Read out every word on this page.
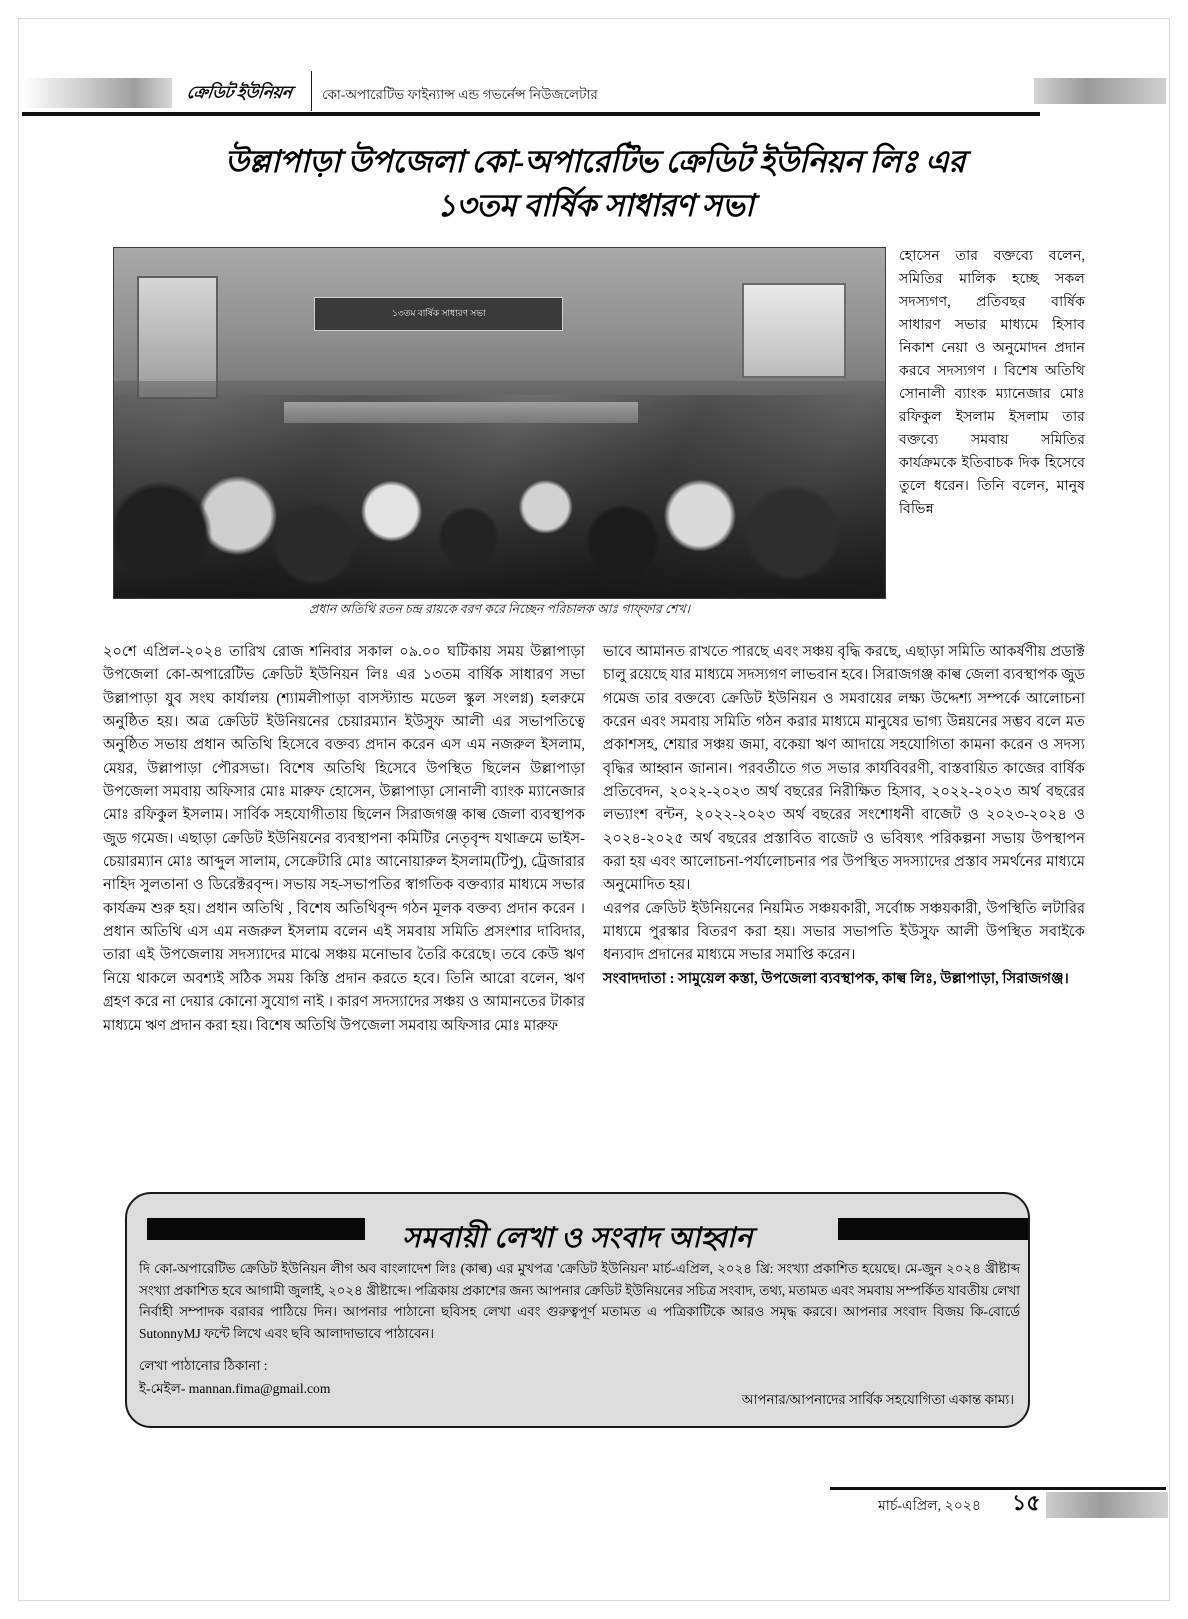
ক্রেডিট ইউনিয়ন	কো-অপারেটিভ ফাইন্যান্স এন্ড গভর্নেন্স নিউজলেটার
উল্লাপাড়া উপজেলা কো-অপারেটিভ ক্রেডিট ইউনিয়ন লিঃ এর
১৩তম বার্ষিক সাধারণ সভা
১৩তম বার্ষিক সাধারণ সভা
প্রধান অতিথি রতন চন্দ্র রায়কে বরণ করে নিচ্ছেন পরিচালক আঃ গাফ্‌ফার শেখ।

হোসেন তার বক্তব্যে বলেন, সমিতির মালিক হচ্ছে সকল সদস্যগণ, প্রতিবছর বার্ষিক সাধারণ সভার মাধ্যমে হিসাব নিকাশ নেয়া ও অনুমোদন প্রদান করবে সদস্যগণ । বিশেষ অতিথি সোনালী ব্যাংক ম্যানেজার মোঃ রফিকুল ইসলাম ইসলাম তার বক্তব্যে সমবায় সমিতির কার্যক্রমকে ইতিবাচক দিক হিসেবে তুলে ধরেন। তিনি বলেন, মানুষ বিভিন্ন

২০শে এপ্রিল-২০২৪ তারিখ রোজ শনিবার সকাল ০৯.০০ ঘটিকায় সময় উল্লাপাড়া উপজেলা কো-অপারেটিভ ক্রেডিট ইউনিয়ন লিঃ এর ১৩তম বার্ষিক সাধারণ সভা উল্লাপাড়া যুব সংঘ কার্যালয় (শ্যামলীপাড়া বাসস্ট্যান্ড মডেল স্কুল সংলগ্ন) হলরুমে অনুষ্ঠিত হয়। অত্র ক্রেডিট ইউনিয়নের চেয়ারম্যান ইউসুফ আলী এর সভাপতিত্বে অনুষ্ঠিত সভায় প্রধান অতিথি হিসেবে বক্তব্য প্রদান করেন এস এম নজরুল ইসলাম, মেয়র, উল্লাপাড়া পৌরসভা। বিশেষ অতিথি হিসেবে উপস্থিত ছিলেন উল্লাপাড়া উপজেলা সমবায় অফিসার মোঃ মারুফ হোসেন, উল্লাপাড়া সোনালী ব্যাংক ম্যানেজার মোঃ রফিকুল ইসলাম। সার্বিক সহযোগীতায় ছিলেন সিরাজগঞ্জ কাল্ব জেলা ব্যবস্থাপক জুড গমেজ। এছাড়া ক্রেডিট ইউনিয়নের ব্যবস্থাপনা কমিটির নেতৃবৃন্দ যথাক্রমে ভাইস-চেয়ারম্যান মোঃ আব্দুল সালাম, সেক্রেটারি মোঃ আনোয়ারুল ইসলাম(টিপু), ট্রেজারার নাহিদ সুলতানা ও ডিরেক্টরবৃন্দ। সভায় সহ-সভাপতির স্বাগতিক বক্তব্যার মাধ্যমে সভার কার্যক্রম শুরু হয়। প্রধান অতিথি , বিশেষ অতিথিবৃন্দ গঠন মূলক বক্তব্য প্রদান করেন । প্রধান অতিথি এস এম নজরুল ইসলাম বলেন এই সমবায় সমিতি প্রসংশার দাবিদার, তারা এই উপজেলায় সদস্যাদের মাঝে সঞ্চয় মনোভাব তৈরি করেছে। তবে কেউ ঋণ নিয়ে থাকলে অবশ্যই সঠিক সময় কিস্তি প্রদান করতে হবে। তিনি আরো বলেন, ঋণ গ্রহণ করে না দেয়ার কোনো সুযোগ নাই । কারণ সদস্যাদের সঞ্চয় ও আমানতের টাকার মাধ্যমে ঋণ প্রদান করা হয়। বিশেষ অতিথি উপজেলা সমবায় অফিসার মোঃ মারুফ

ভাবে আমানত রাখতে পারছে এবং সঞ্চয় বৃদ্ধি করছে, এছাড়া সমিতি আকর্ষণীয় প্রডাক্ট চালু রয়েছে যার মাধ্যমে সদস্যগণ লাভবান হবে। সিরাজগঞ্জ কাল্ব জেলা ব্যবস্থাপক জুড গমেজ তার বক্তব্যে ক্রেডিট ইউনিয়ন ও সমবায়ের লক্ষ্য উদ্দেশ্য সম্পর্কে আলোচনা করেন এবং সমবায় সমিতি গঠন করার মাধ্যমে মানুষের ভাগ্য উন্নয়নের সম্ভব বলে মত প্রকাশসহ, শেয়ার সঞ্চয় জমা, বকেয়া ঋণ আদায়ে সহযোগিতা কামনা করেন ও সদস্য বৃদ্ধির আহ্বান জানান। পরবর্তীতে গত সভার কার্যবিবরণী, বাস্তবায়িত কাজের বার্ষিক প্রতিবেদন, ২০২২-২০২৩ অর্থ বছরের নিরীক্ষিত হিসাব, ২০২২-২০২৩ অর্থ বছরের লভ্যাংশ বন্টন, ২০২২-২০২৩ অর্থ বছরের সংশোধনী বাজেট ও ২০২৩-২০২৪ ও ২০২৪-২০২৫ অর্থ বছরের প্রস্তাবিত বাজেট ও ভবিষ্যৎ পরিকল্পনা সভায় উপস্থাপন করা হয় এবং আলোচনা-পর্যালোচনার পর উপস্থিত সদস্যাদের প্রস্তাব সমর্থনের মাধ্যমে অনুমোদিত হয়।

এরপর ক্রেডিট ইউনিয়নের নিয়মিত সঞ্চয়কারী, সর্বোচ্চ সঞ্চয়কারী, উপস্থিতি লটারির মাধ্যমে পুরস্কার বিতরণ করা হয়। সভার সভাপতি ইউসুফ আলী উপস্থিত সবাইকে ধন্যবাদ প্রদানের মাধ্যমে সভার সমাপ্তি করেন।

সংবাদদাতা : সামুয়েল কস্তা, উপজেলা ব্যবস্থাপক, কাল্ব লিঃ, উল্লাপাড়া, সিরাজগঞ্জ।

সমবায়ী লেখা ও সংবাদ আহ্বান
দি কো-অপারেটিভ ক্রেডিট ইউনিয়ন লীগ অব বাংলাদেশ লিঃ (কাল্ব) এর মুখপত্র 'ক্রেডিট ইউনিয়ন' মার্চ-এপ্রিল, ২০২৪ খ্রি: সংখ্যা প্রকাশিত হয়েছে। মে-জুন ২০২৪ খ্রীষ্টাব্দ সংখ্যা প্রকাশিত হবে আগামী জুলাই, ২০২৪ খ্রীষ্টাব্দে। পত্রিকায় প্রকাশের জন্য আপনার ক্রেডিট ইউনিয়নের সচিত্র সংবাদ, তথ্য, মতামত এবং সমবায় সম্পর্কিত যাবতীয় লেখা নির্বাহী সম্পাদক বরাবর পাঠিয়ে দিন। আপনার পাঠানো ছবিসহ লেখা এবং গুরুত্বপূর্ণ মতামত এ পত্রিকাটিকে আরও সমৃদ্ধ করবে। আপনার সংবাদ বিজয় কি-বোর্ডে SutonnyMJ ফন্টে লিখে এবং ছবি আলাদাভাবে পাঠাবেন।
লেখা পাঠানোর ঠিকানা :
ই-মেইল- mannan.fima@gmail.com
আপনার/আপনাদের সার্বিক সহযোগিতা একান্ত কাম্য।
মার্চ-এপ্রিল, ২০২৪ ১৫
